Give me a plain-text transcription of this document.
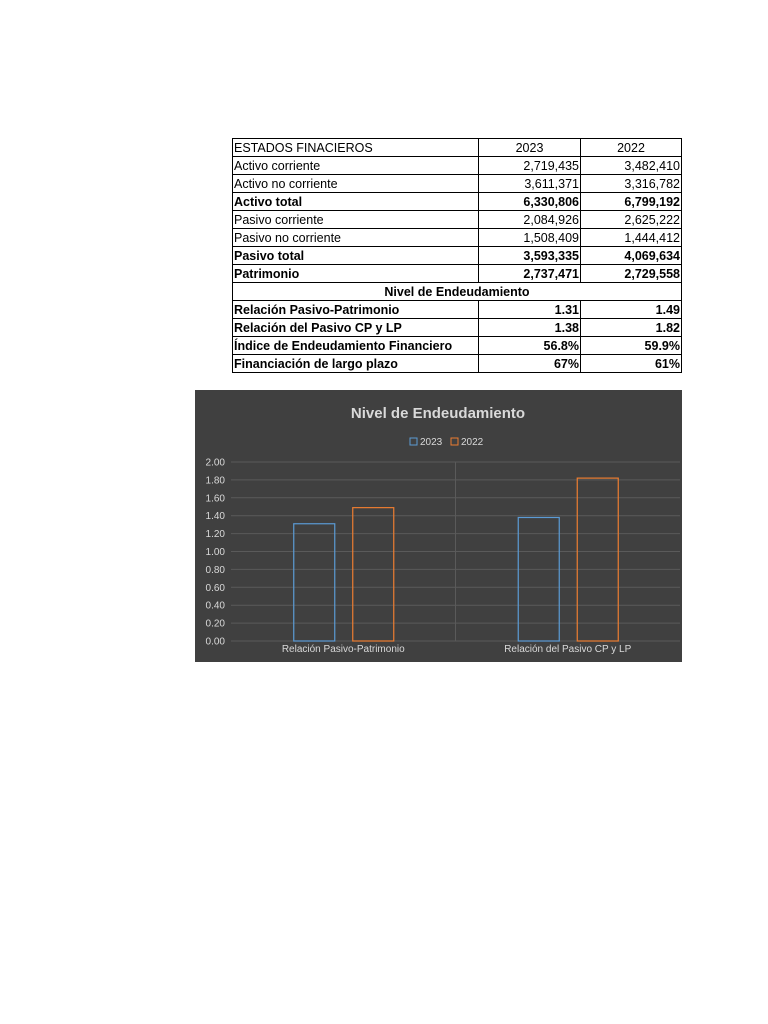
ESTADOS FINACIEROS	2023	2022
Activo corriente	2,719,435	3,482,410
Activo no corriente	3,611,371	3,316,782
Activo total	6,330,806	6,799,192
Pasivo corriente	2,084,926	2,625,222
Pasivo no corriente	1,508,409	1,444,412
Pasivo total	3,593,335	4,069,634
Patrimonio	2,737,471	2,729,558
Nivel de Endeudamiento		
Relación Pasivo-Patrimonio	1.31	1.49
Relación del Pasivo CP y LP	1.38	1.82
Índice de Endeudamiento Financiero	56.8%	59.9%
Financiación de largo plazo	67%	61%
Nivel de Endeudamiento
2023 2022
0.00
0.20
0.40
0.60
0.80
1.00
1.20
1.40
1.60
1.80
2.00
Relación Pasivo-Patrimonio	Relación del Pasivo CP y LP
